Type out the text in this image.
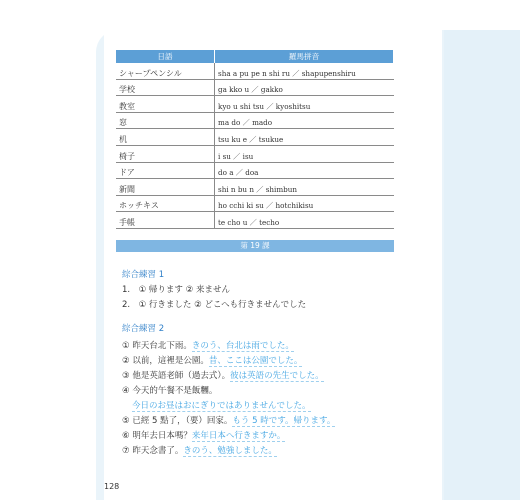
日語	羅馬拼音
シャープペンシル	sha a pu pe n shi ru ／ shapupenshiru
学校	ga kko u ／ gakko
教室	kyo u shi tsu ／ kyoshitsu
窓	ma do ／ mado
机	tsu ku e ／ tsukue
椅子	i su ／ isu
ドア	do a ／ doa
新聞	shi n bu n ／ shimbun
ホッチキス	ho cchi ki su ／ hotchikisu
手帳	te cho u ／ techo
第 19 課
綜合練習 1
1.　① 帰ります ② 来ません
2.　① 行きました ② どこへも行きませんでした
綜合練習 2
① 昨天台北下雨。きのう、台北は雨でした。
② 以前，這裡是公園。昔、ここは公園でした。
③ 他是英語老師（過去式）。彼は英語の先生でした。
④ 今天的午餐不是飯糰。
今日のお昼はおにぎりではありませんでした。
⑤ 已經 5 點了，（要）回家。もう 5 時です。帰ります。
⑥ 明年去日本嗎？来年日本へ行きますか。
⑦ 昨天念書了。きのう、勉強しました。
128
